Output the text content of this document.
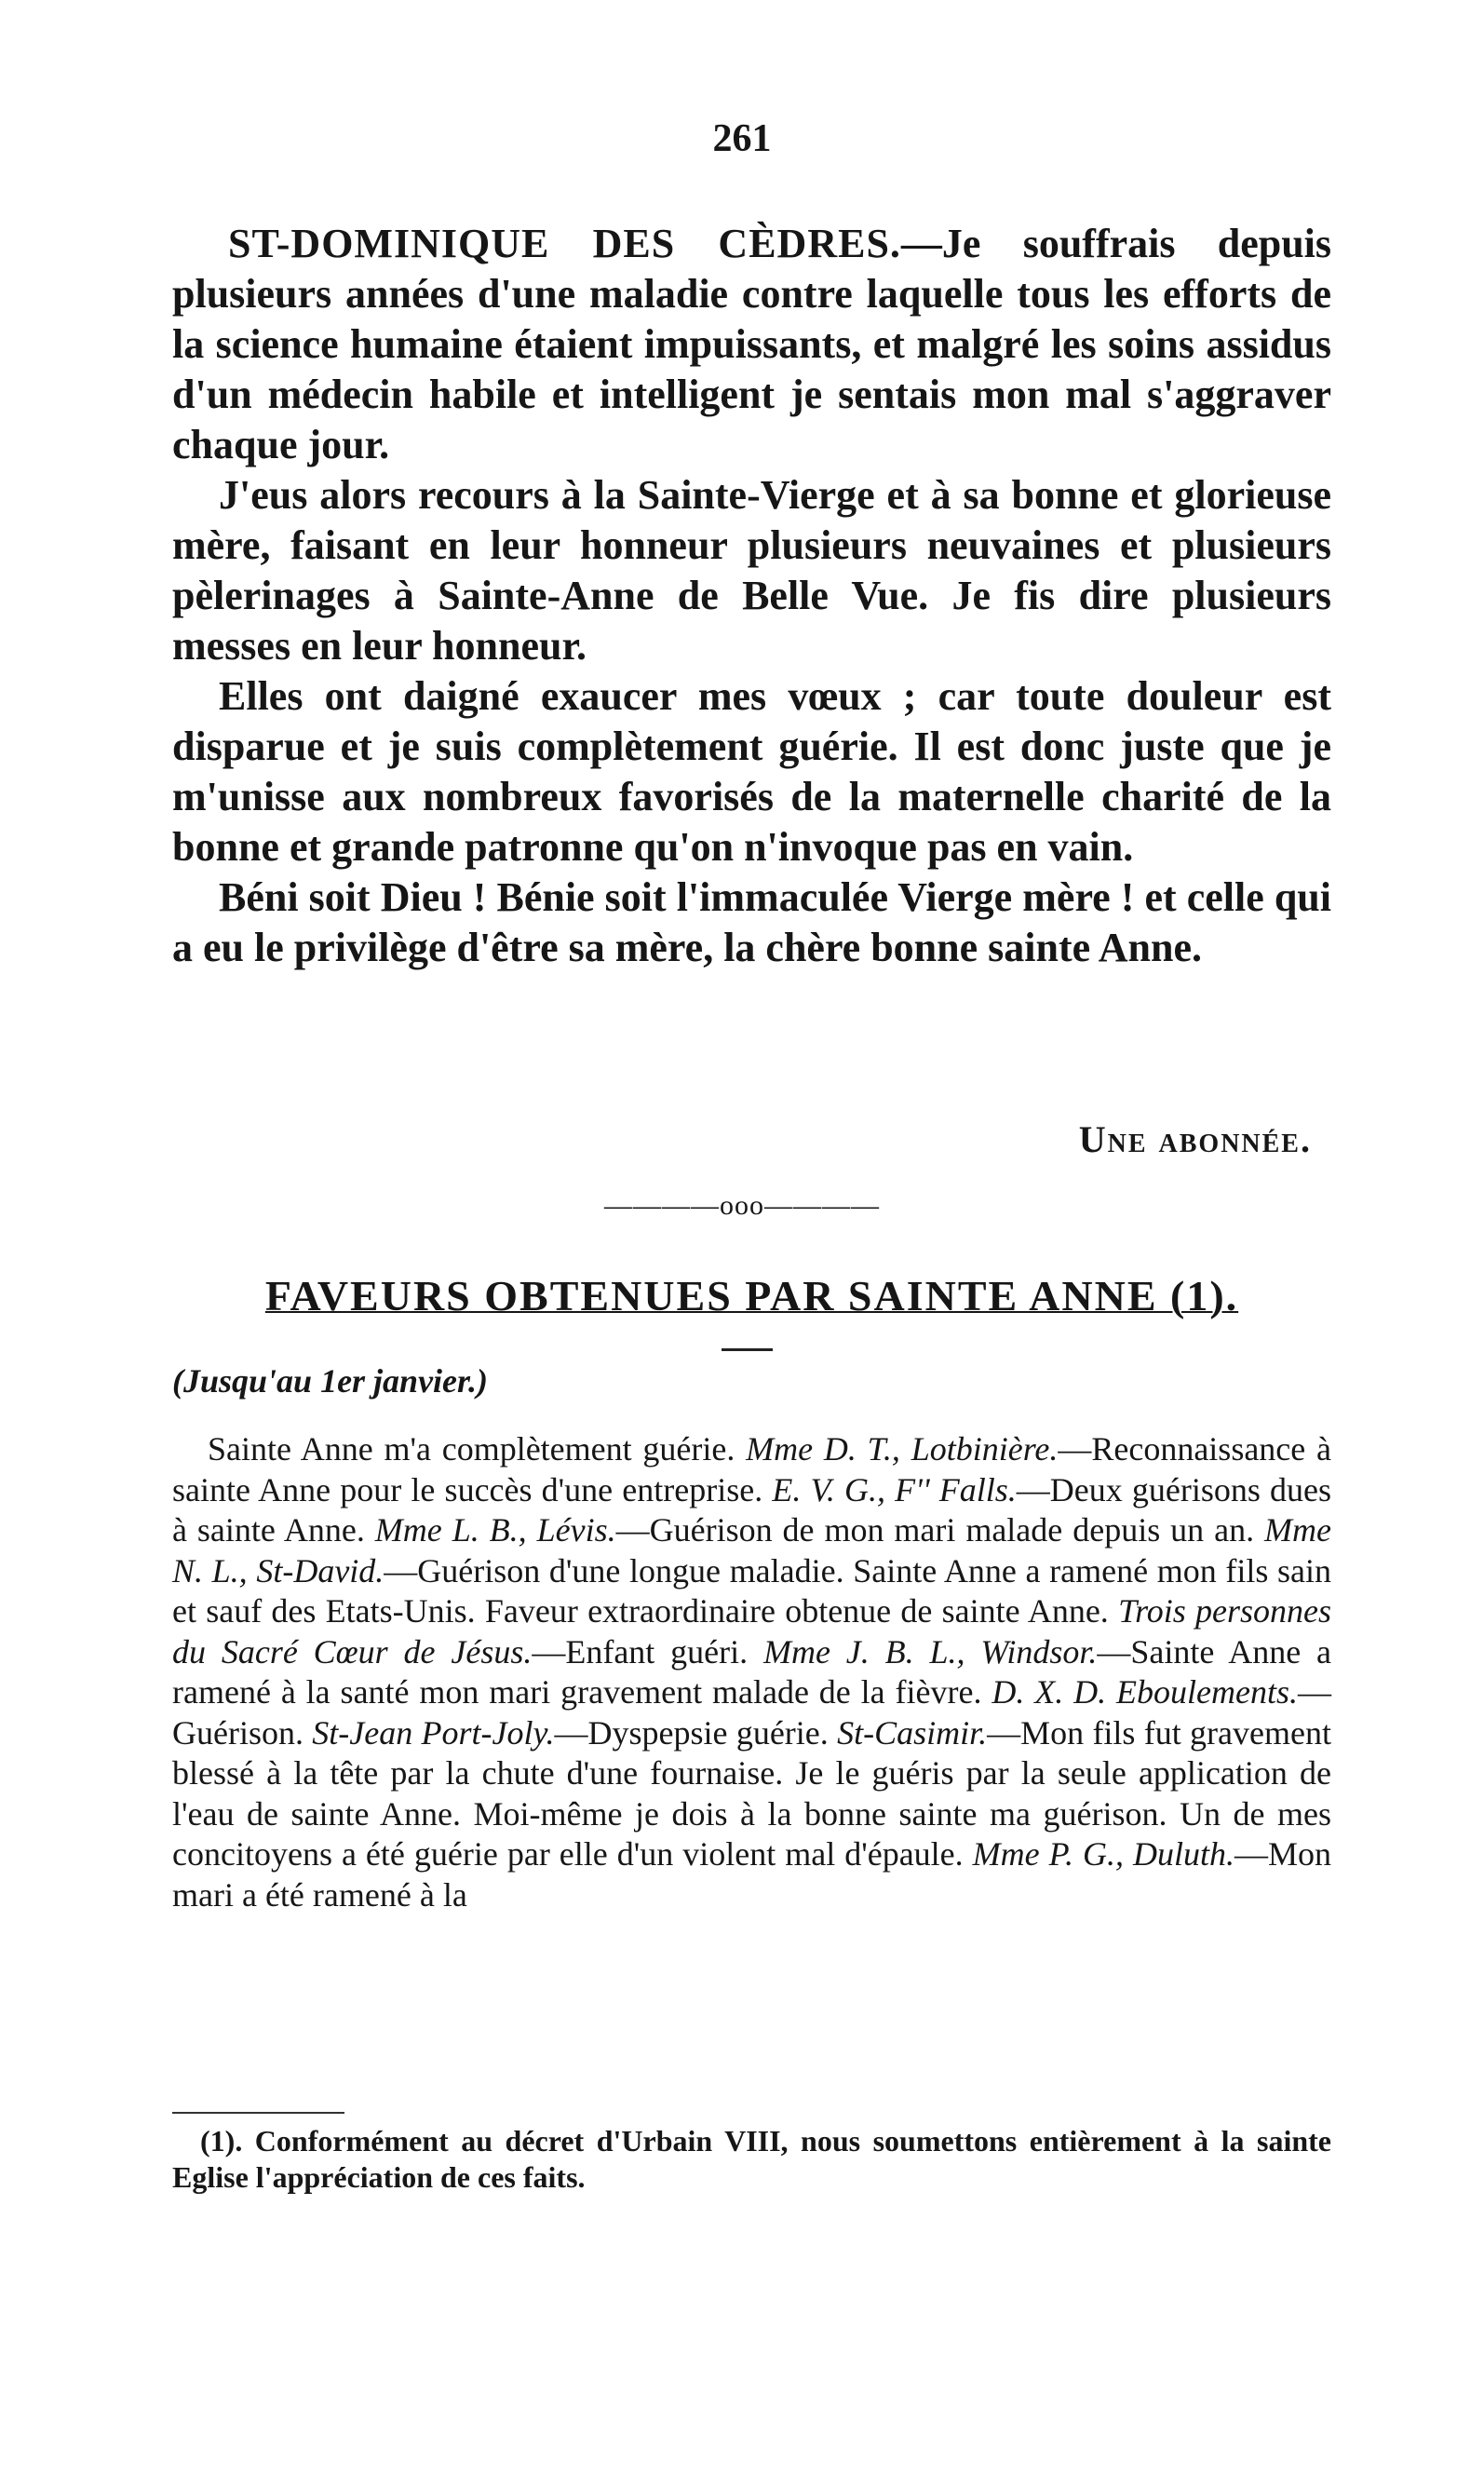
261

ST-DOMINIQUE DES CÈDRES.—Je souffrais depuis plusieurs années d'une maladie contre laquelle tous les efforts de la science humaine étaient impuissants, et malgré les soins assidus d'un médecin habile et intelligent je sentais mon mal s'aggraver chaque jour.

J'eus alors recours à la Sainte-Vierge et à sa bonne et glorieuse mère, faisant en leur honneur plusieurs neuvaines et plusieurs pèlerinages à Sainte-Anne de Belle Vue. Je fis dire plusieurs messes en leur honneur.

Elles ont daigné exaucer mes vœux ; car toute douleur est disparue et je suis complètement guérie. Il est donc juste que je m'unisse aux nombreux favorisés de la maternelle charité de la bonne et grande patronne qu'on n'invoque pas en vain.

Béni soit Dieu ! Bénie soit l'immaculée Vierge mère ! et celle qui a eu le privilège d'être sa mère, la chère bonne sainte Anne.

Une abonnée.
————ooo————
FAVEURS OBTENUES PAR SAINTE ANNE (1).
(Jusqu'au 1er janvier.)

Sainte Anne m'a complètement guérie. Mme D. T., Lotbinière.—Reconnaissance à sainte Anne pour le succès d'une entreprise. E. V. G., F'' Falls.—Deux guérisons dues à sainte Anne. Mme L. B., Lévis.—Guérison de mon mari malade depuis un an. Mme N. L., St-David.—Guérison d'une longue maladie. Sainte Anne a ramené mon fils sain et sauf des Etats-Unis. Faveur extraordinaire obtenue de sainte Anne. Trois personnes du Sacré Cœur de Jésus.—Enfant guéri. Mme J. B. L., Windsor.—Sainte Anne a ramené à la santé mon mari gravement malade de la fièvre. D. X. D. Eboulements.—Guérison. St-Jean Port-Joly.—Dyspepsie guérie. St-Casimir.—Mon fils fut gravement blessé à la tête par la chute d'une fournaise. Je le guéris par la seule application de l'eau de sainte Anne. Moi-même je dois à la bonne sainte ma guérison. Un de mes concitoyens a été guérie par elle d'un violent mal d'épaule. Mme P. G., Duluth.—Mon mari a été ramené à la

(1). Conformément au décret d'Urbain VIII, nous soumettons entièrement à la sainte Eglise l'appréciation de ces faits.
